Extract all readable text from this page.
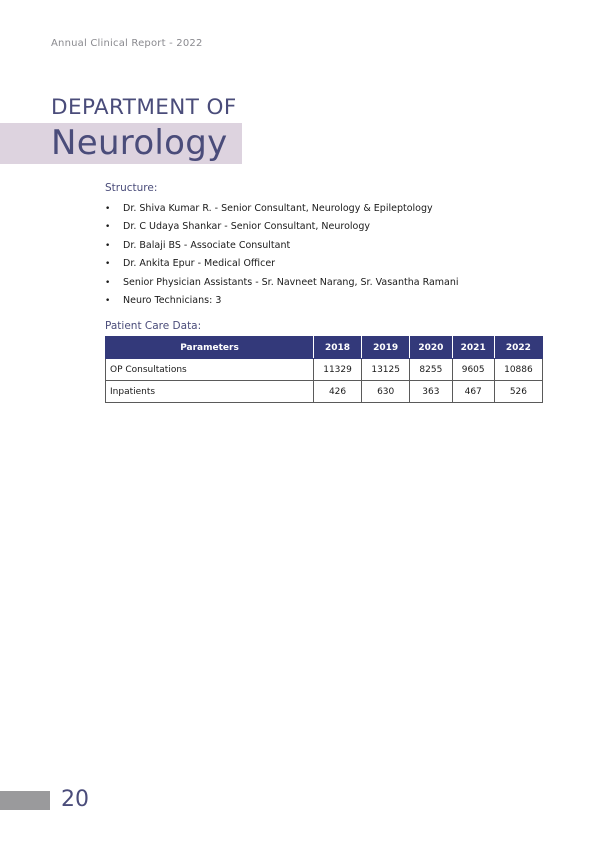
Annual Clinical Report - 2022
DEPARTMENT OF
Neurology
Structure:
• Dr. Shiva Kumar R. - Senior Consultant, Neurology & Epileptology
• Dr. C Udaya Shankar - Senior Consultant, Neurology
• Dr. Balaji BS - Associate Consultant
• Dr. Ankita Epur - Medical Officer
• Senior Physician Assistants - Sr. Navneet Narang, Sr. Vasantha Ramani
• Neuro Technicians: 3
Patient Care Data:
Parameters	2018	2019	2020	2021	2022
OP Consultations	11329	13125	8255	9605	10886
Inpatients	426	630	363	467	526
20
